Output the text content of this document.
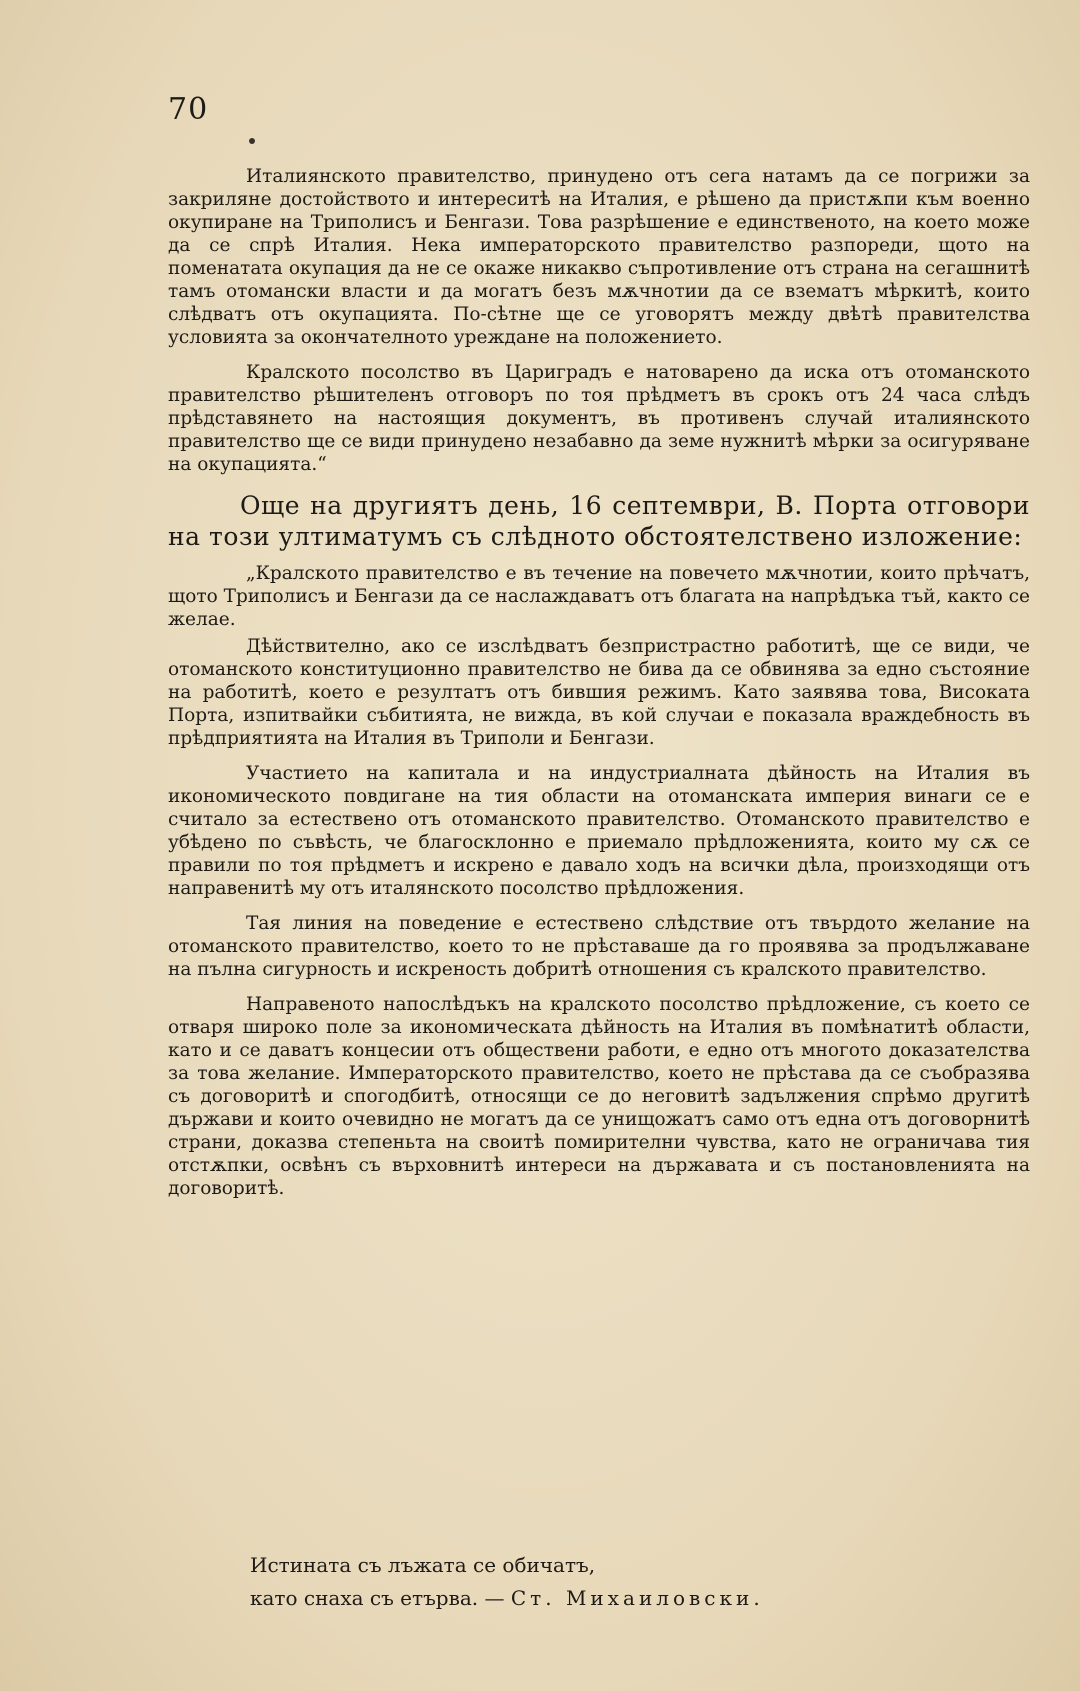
70

Италиянското правителство, принудено отъ сега натамъ да се погрижи за закриляне достойството и интереситѣ на Италия, е рѣшено да пристѫпи към военно окупиране на Триполисъ и Бенгази. Това разрѣшение е единственото, на което може да се спрѣ Италия. Нека императорското правителство разпореди, щото на поменатата окупация да не се окаже никакво съпротивление отъ страна на сегашнитѣ тамъ отомански власти и да могатъ безъ мѫчнотии да се взематъ мѣркитѣ, които слѣдватъ отъ окупацията. По-сѣтне ще се уговорятъ между двѣтѣ правителства условията за окончателното уреждане на положението.

Кралското посолство въ Цариградъ е натоварено да иска отъ отоманското правителство рѣшителенъ отговоръ по тоя прѣдметъ въ срокъ отъ 24 часа слѣдъ прѣдставянето на настоящия документъ, въ противенъ случай италиянското правителство ще се види принудено незабавно да земе нужнитѣ мѣрки за осигуряване на окупацията.“

Още на другиятъ день, 16 септември, В. Порта отговори на този ултиматумъ съ слѣдното обстоятелствено изложение:

„Кралското правителство е въ течение на повечето мѫчнотии, които прѣчатъ, щото Триполисъ и Бенгази да се наслаждаватъ отъ благата на напрѣдъка тъй, както се желае.

Дѣйствително, ако се изслѣдватъ безпристрастно работитѣ, ще се види, че отоманското конституционно правителство не бива да се обвинява за едно състояние на работитѣ, което е резултатъ отъ бившия режимъ. Като заявява това, Високата Порта, изпитвайки събитията, не вижда, въ кой случаи е показала враждебность въ прѣдприятията на Италия въ Триполи и Бенгази.

Участието на капитала и на индустриалната дѣйность на Италия въ икономическото повдигане на тия области на отоманската империя винаги се е считало за естествено отъ отоманското правителство. Отоманското правителство е убѣдено по съвѣсть, че благосклонно е приемало прѣдложенията, които му сѫ се правили по тоя прѣдметъ и искрено е давало ходъ на всички дѣла, произходящи отъ направенитѣ му отъ италянското посолство прѣдложения.

Тая линия на поведение е естествено слѣдствие отъ твърдото желание на отоманското правителство, което то не прѣставаше да го проявява за продължаване на пълна сигурность и искреность добритѣ отношения съ кралското правителство.

Направеното напослѣдъкъ на кралското посолство прѣдложение, съ което се отваря широко поле за икономическата дѣйность на Италия въ помѣнатитѣ области, като и се даватъ концесии отъ обществени работи, е едно отъ многото доказателства за това желание. Императорското правителство, което не прѣстава да се съобразява съ договоритѣ и спогодбитѣ, относящи се до неговитѣ задължения спрѣмо другитѣ държави и които очевидно не могатъ да се унищожатъ само отъ една отъ договорнитѣ страни, доказва степеньта на своитѣ помирителни чувства, като не ограничава тия отстѫпки, освѣнъ съ върховнитѣ интереси на държавата и съ постановленията на договоритѣ.

Истината съ лъжата се обичатъ,
като снаха съ етърва. — Ст. Михаиловски.
